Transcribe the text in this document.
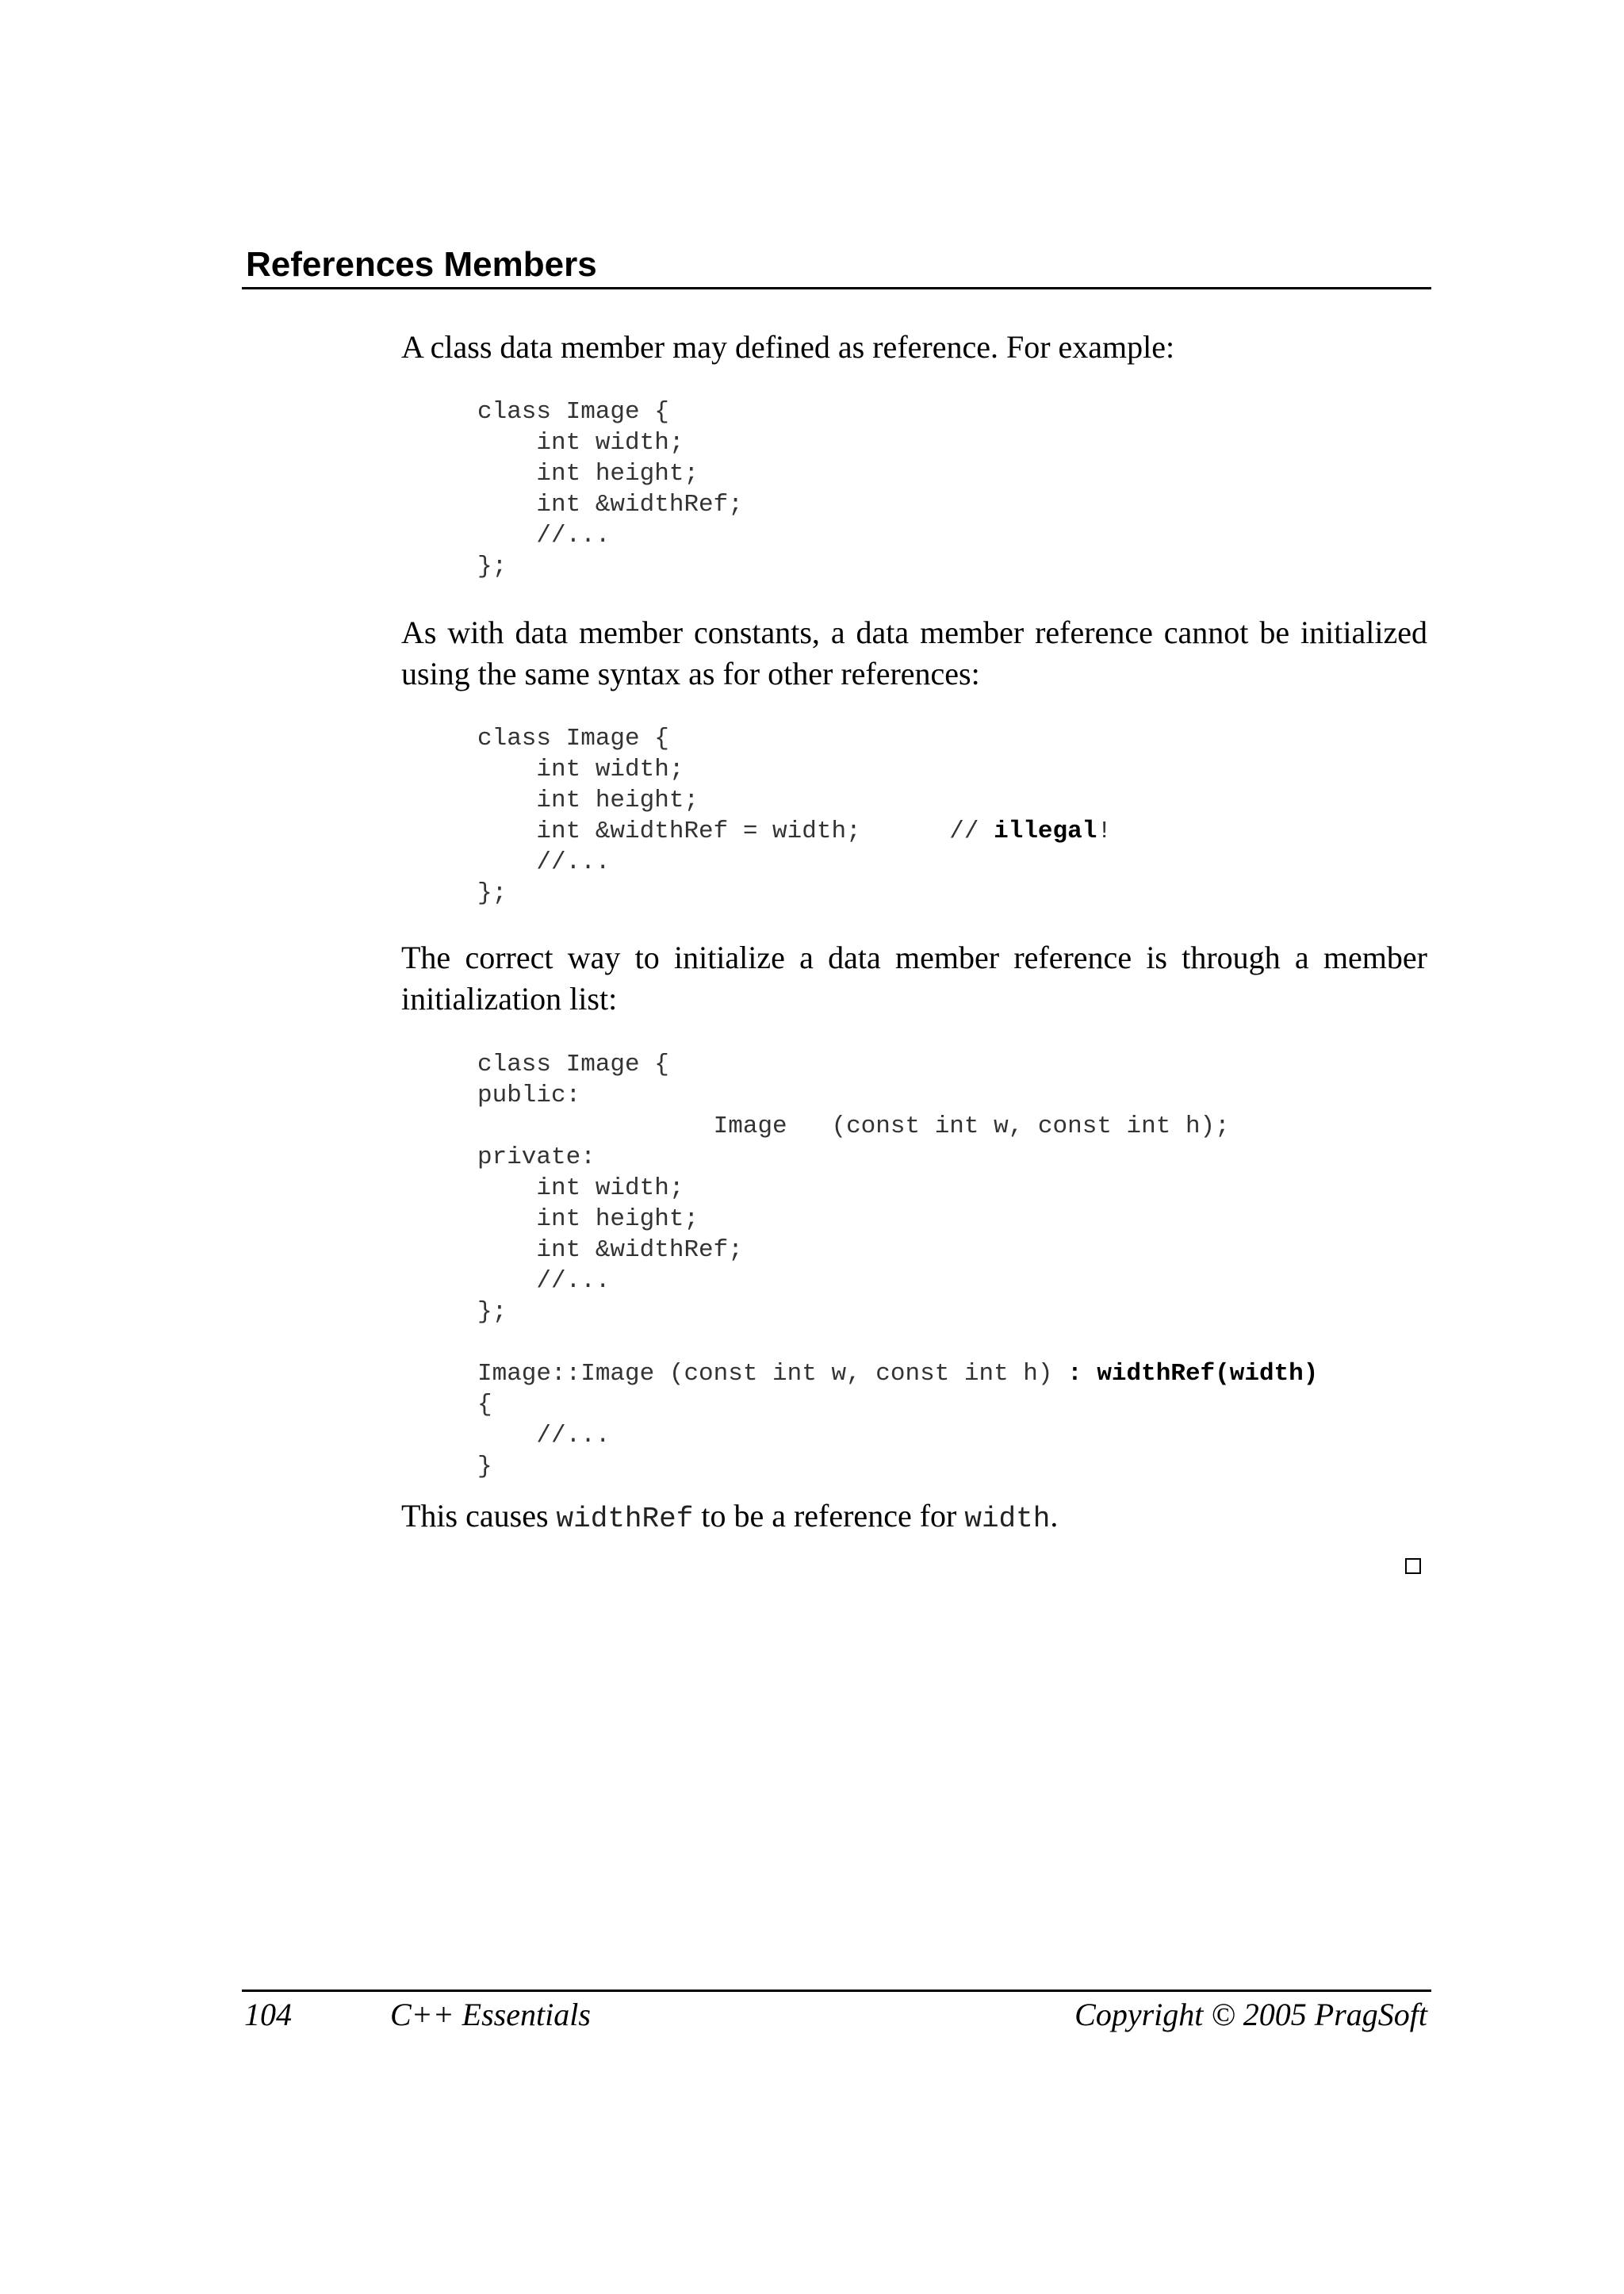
References Members
A class data member may defined as reference. For example:
class Image {
int width;
int height;
int &widthRef;
//...
};
As with data member constants, a data member reference cannot be initialized using the same syntax as for other references:
class Image {
int width;
int height;
int &widthRef = width;      // illegal!
//...
};
The correct way to initialize a data member reference is through a member initialization list:
class Image {
public:
Image   (const int w, const int h);
private:
int width;
int height;
int &widthRef;
//...
};

Image::Image (const int w, const int h) : widthRef(width)
{
//...
}
This causes widthRef to be a reference for width.
104	C++ Essentials	Copyright © 2005 PragSoft
